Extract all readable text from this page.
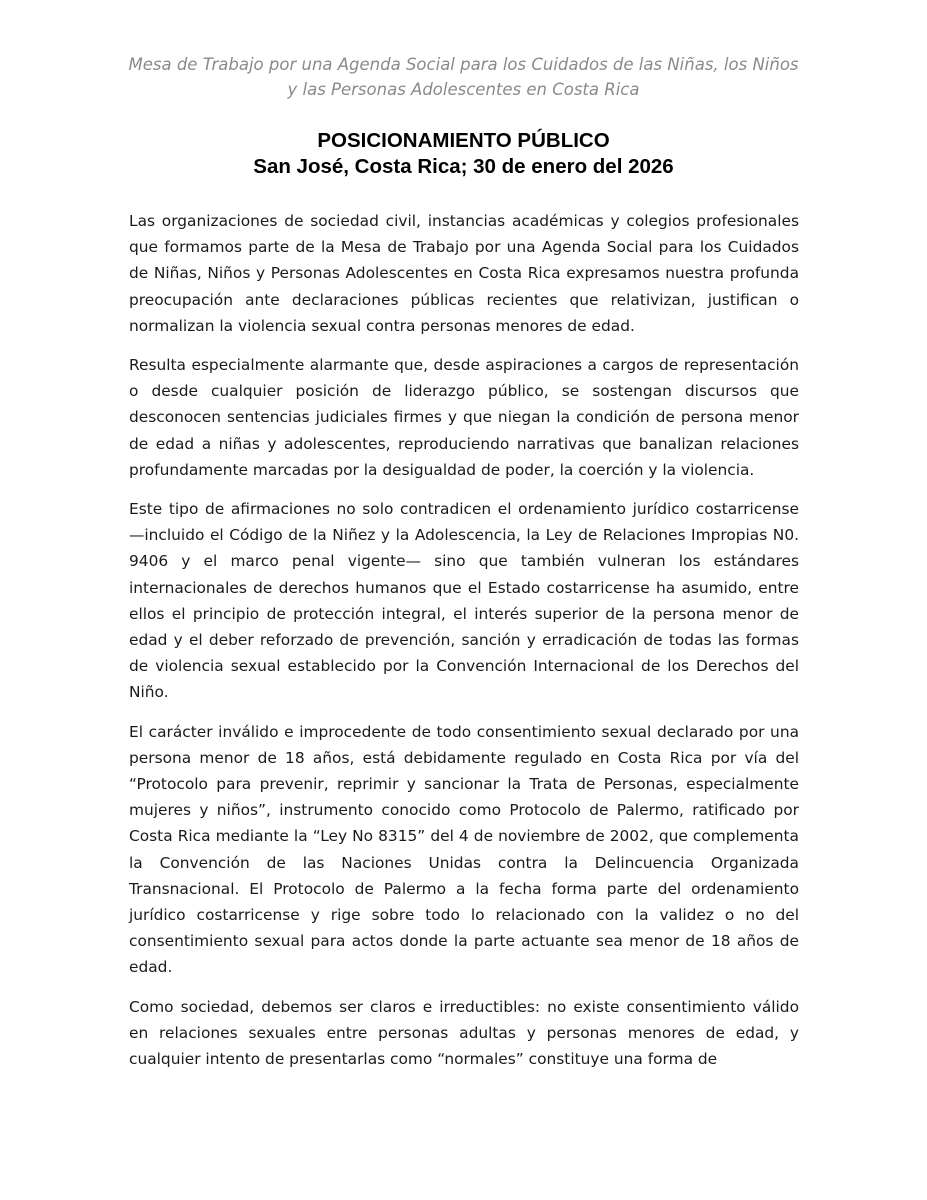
Mesa de Trabajo por una Agenda Social para los Cuidados de las Niñas, los Niños
y las Personas Adolescentes en Costa Rica
POSICIONAMIENTO PÚBLICO
San José, Costa Rica; 30 de enero del 2026

Las organizaciones de sociedad civil, instancias académicas y colegios profesionales que formamos parte de la Mesa de Trabajo por una Agenda Social para los Cuidados de Niñas, Niños y Personas Adolescentes en Costa Rica expresamos nuestra profunda preocupación ante declaraciones públicas recientes que relativizan, justifican o normalizan la violencia sexual contra personas menores de edad.

Resulta especialmente alarmante que, desde aspiraciones a cargos de representación o desde cualquier posición de liderazgo público, se sostengan discursos que desconocen sentencias judiciales firmes y que niegan la condición de persona menor de edad a niñas y adolescentes, reproduciendo narrativas que banalizan relaciones profundamente marcadas por la desigualdad de poder, la coerción y la violencia.

Este tipo de afirmaciones no solo contradicen el ordenamiento jurídico costarricense —incluido el Código de la Niñez y la Adolescencia, la Ley de Relaciones Impropias N0. 9406 y el marco penal vigente— sino que también vulneran los estándares internacionales de derechos humanos que el Estado costarricense ha asumido, entre ellos el principio de protección integral, el interés superior de la persona menor de edad y el deber reforzado de prevención, sanción y erradicación de todas las formas de violencia sexual establecido por la Convención Internacional de los Derechos del Niño.

El carácter inválido e improcedente de todo consentimiento sexual declarado por una persona menor de 18 años, está debidamente regulado en Costa Rica por vía del “Protocolo para prevenir, reprimir y sancionar la Trata de Personas, especialmente mujeres y niños”, instrumento conocido como Protocolo de Palermo, ratificado por Costa Rica mediante la “Ley No 8315” del 4 de noviembre de 2002, que complementa la Convención de las Naciones Unidas contra la Delincuencia Organizada Transnacional. El Protocolo de Palermo a la fecha forma parte del ordenamiento jurídico costarricense y rige sobre todo lo relacionado con la validez o no del consentimiento sexual para actos donde la parte actuante sea menor de 18 años de edad.

Como sociedad, debemos ser claros e irreductibles: no existe consentimiento válido en relaciones sexuales entre personas adultas y personas menores de edad, y cualquier intento de presentarlas como “normales” constituye una forma de
